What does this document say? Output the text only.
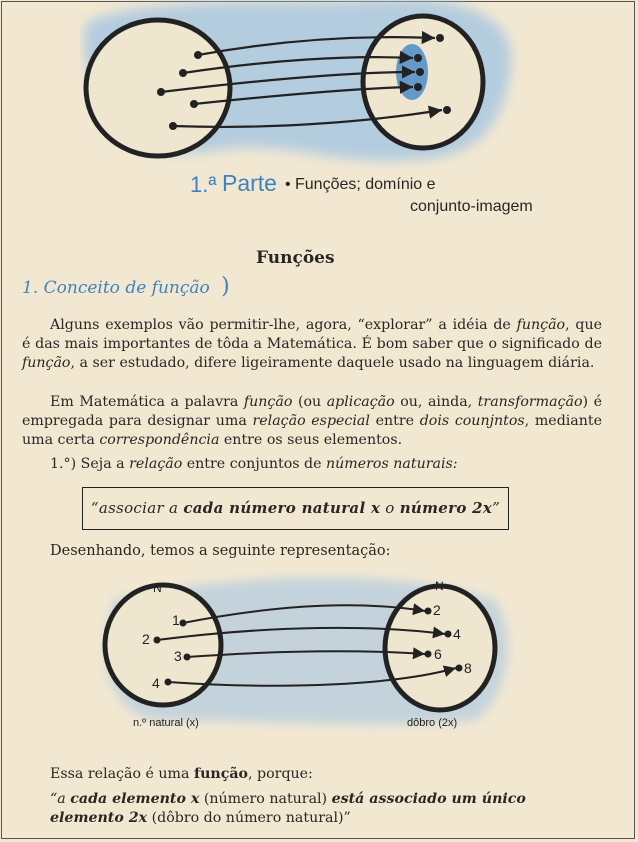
1.ª Parte • Funções; domínio e
conjunto-imagem
Funções
1. Conceito de função )
Alguns exemplos vão permitir-lhe, agora, “explorar” a idéia de função, que é das mais importantes de tôda a Matemática. É bom saber que o significado de função, a ser estudado, difere ligeiramente daquele usado na linguagem diária.
Em Matemática a palavra função (ou aplicação ou, ainda, transformação) é empregada para designar uma relação especial entre dois counjntos, mediante uma certa correspondência entre os seus elementos.
1.°) Seja a relação entre conjuntos de números naturais:
“associar a cada número natural x o número 2x”
Desenhando, temos a seguinte representação:
N	N
1
2
3
4
2
4
6
8
n.º natural (x)	dôbro (2x)
Essa relação é uma função, porque:
“a cada elemento x (número natural) está associado um único
elemento 2x (dôbro do número natural)”
